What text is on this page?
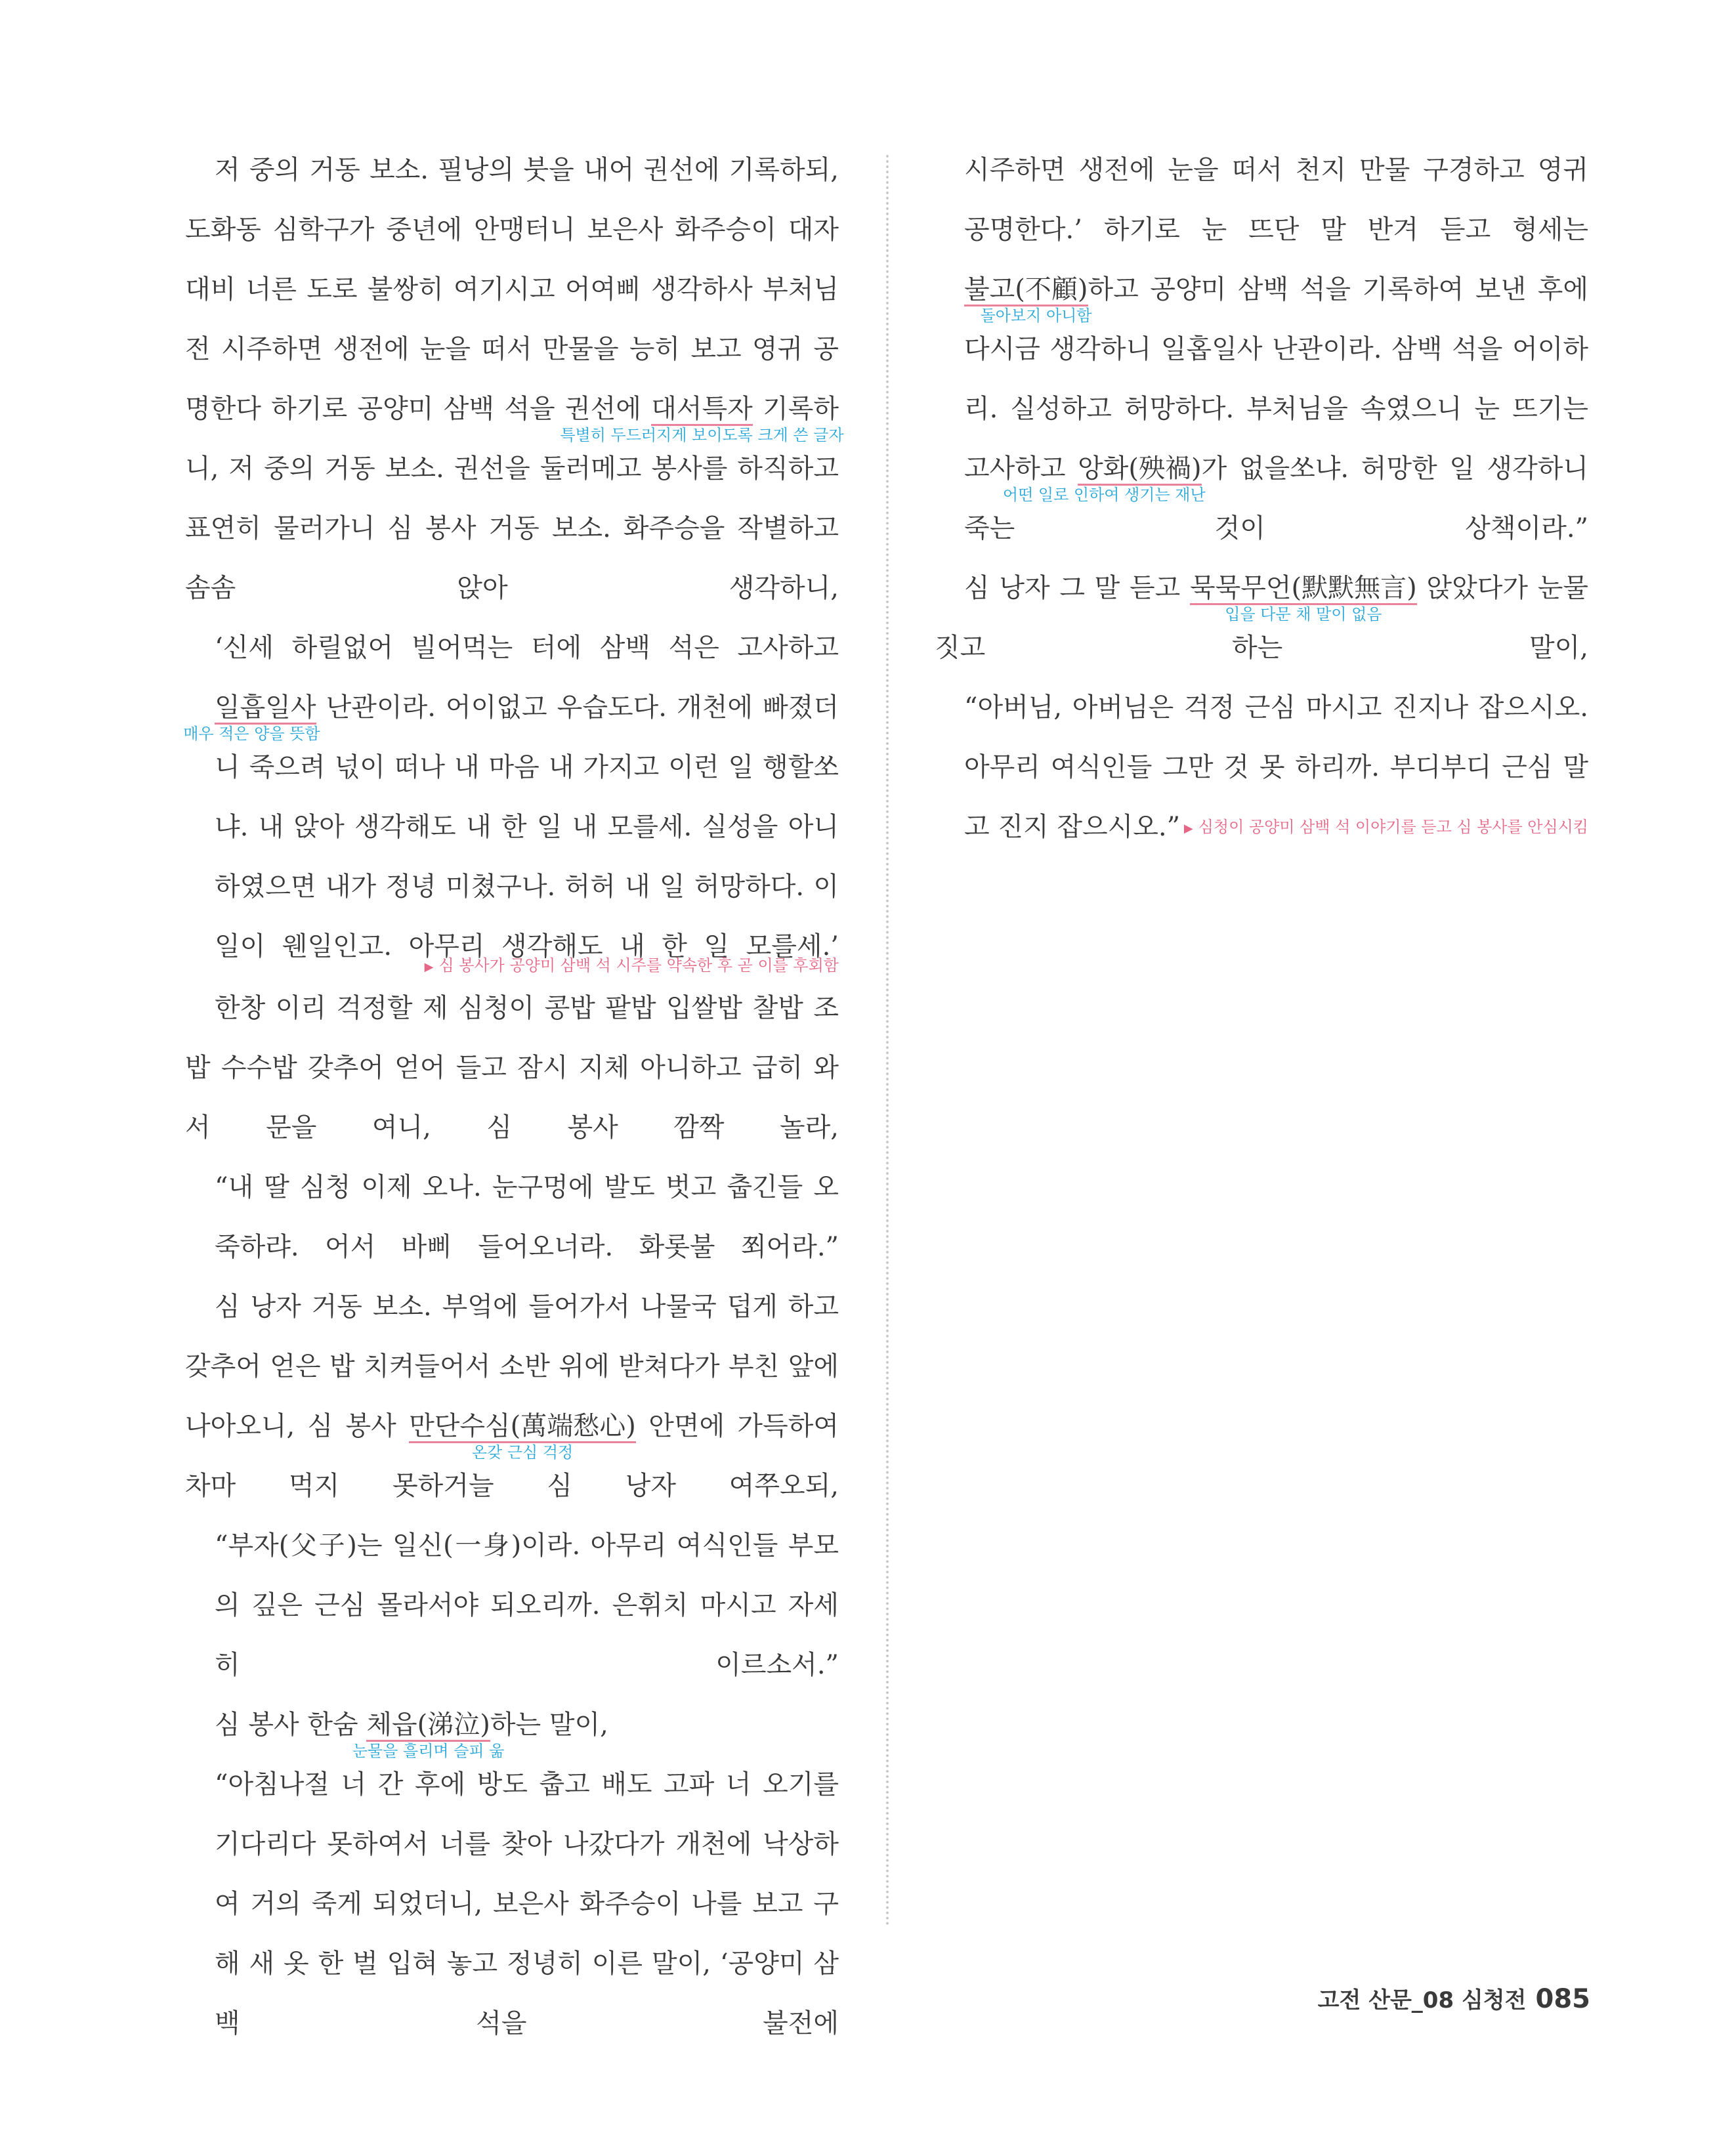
저 중의 거동 보소. 필낭의 붓을 내어 권선에 기록하되, 도화동 심학구가 중년에 안맹터니 보은사 화주승이 대자대비 너른 도로 불쌍히 여기시고 어여삐 생각하사 부처님 전 시주하면 생전에 눈을 떠서 만물을 능히 보고 영귀 공명한다 하기로 공양미 삼백 석을 권선에 대서특자
특별히 두드러지게 보이도록 크게 쓴 글자
기록하니, 저 중의 거동 보소. 권선을 둘러메고 봉사를 하직하고 표연히 물러가니 심 봉사 거동 보소. 화주승을 작별하고 솜솜 앉아 생각하니,

‘신세 하릴없어 빌어먹는 터에 삼백 석은 고사하고 일흡일사
매우 적은 양을 뜻함
난관이라. 어이없고 우습도다. 개천에 빠졌더니 죽으려 넋이 떠나 내 마음 내 가지고 이런 일 행할쏘냐. 내 앉아 생각해도 내 한 일 내 모를세. 실성을 아니 하였으면 내가 정녕 미쳤구나. 허허 내 일 허망하다. 이 일이 웬일인고. 아무리 생각해도 내 한 일 모를세.’

▶ 심 봉사가 공양미 삼백 석 시주를 약속한 후 곧 이를 후회함

한창 이리 걱정할 제 심청이 콩밥 팥밥 입쌀밥 찰밥 조밥 수수밥 갖추어 얻어 들고 잠시 지체 아니하고 급히 와서 문을 여니, 심 봉사 깜짝 놀라,

“내 딸 심청 이제 오나. 눈구멍에 발도 벗고 춥긴들 오죽하랴. 어서 바삐 들어오너라. 화롯불 쬐어라.”

심 낭자 거동 보소. 부엌에 들어가서 나물국 덥게 하고 갖추어 얻은 밥 치켜들어서 소반 위에 받쳐다가 부친 앞에 나아오니, 심 봉사 만단수심(萬端愁心)
온갖 근심 걱정
안면에 가득하여 차마 먹지 못하거늘 심 낭자 여쭈오되,

“부자(父子)는 일신(一身)이라. 아무리 여식인들 부모의 깊은 근심 몰라서야 되오리까. 은휘치 마시고 자세히 이르소서.”

심 봉사 한숨 체읍(涕泣)
눈물을 흘리며 슬피 욺
하는 말이,

“아침나절 너 간 후에 방도 춥고 배도 고파 너 오기를 기다리다 못하여서 너를 찾아 나갔다가 개천에 낙상하여 거의 죽게 되었더니, 보은사 화주승이 나를 보고 구해 새 옷 한 벌 입혀 놓고 정녕히 이른 말이, ‘공양미 삼백 석을 불전에

시주하면 생전에 눈을 떠서 천지 만물 구경하고 영귀 공명한다.’ 하기로 눈 뜨단 말 반겨 듣고 형세는 불고(不顧)
돌아보지 아니함
하고 공양미 삼백 석을 기록하여 보낸 후에 다시금 생각하니 일홉일사 난관이라. 삼백 석을 어이하리. 실성하고 허망하다. 부처님을 속였으니 눈 뜨기는 고사하고 앙화(殃禍)
어떤 일로 인하여 생기는 재난
가 없을쏘냐. 허망한 일 생각하니 죽는 것이 상책이라.”

심 낭자 그 말 듣고 묵묵무언(默默無言)
입을 다문 채 말이 없음
앉았다가 눈물짓고 하는 말이,

“아버님, 아버님은 걱정 근심 마시고 진지나 잡으시오. 아무리 여식인들 그만 것 못 하리까. 부디부디 근심 말고 진지 잡으시오.” ▶ 심청이 공양미 삼백 석 이야기를 듣고 심 봉사를 안심시킴

고전 산문_08 심청전 085
